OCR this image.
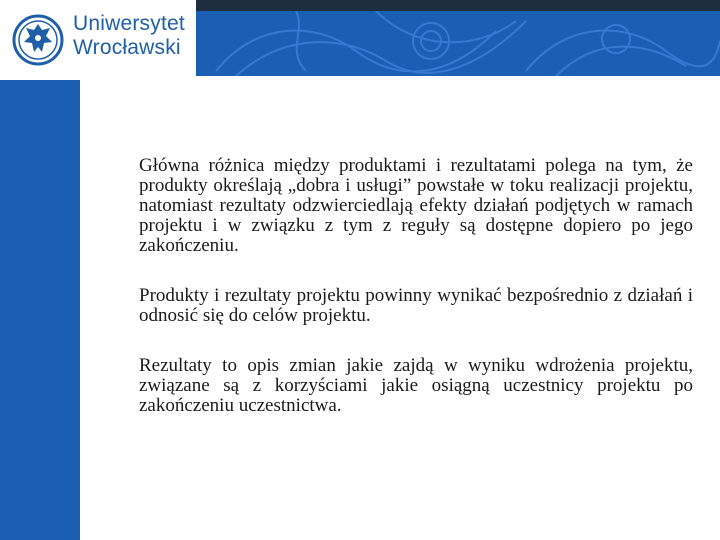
Uniwersytet
Wrocławski

Główna różnica między produktami i rezultatami polega na tym, że produkty określają „dobra i usługi” powstałe w toku realizacji projektu, natomiast rezultaty odzwierciedlają efekty działań podjętych w ramach projektu i w związku z tym z reguły są dostępne dopiero po jego zakończeniu.

Produkty i rezultaty projektu powinny wynikać bezpośrednio z działań i odnosić się do celów projektu.

Rezultaty to opis zmian jakie zajdą w wyniku wdrożenia projektu, związane są z korzyściami jakie osiągną uczestnicy projektu po zakończeniu uczestnictwa.
